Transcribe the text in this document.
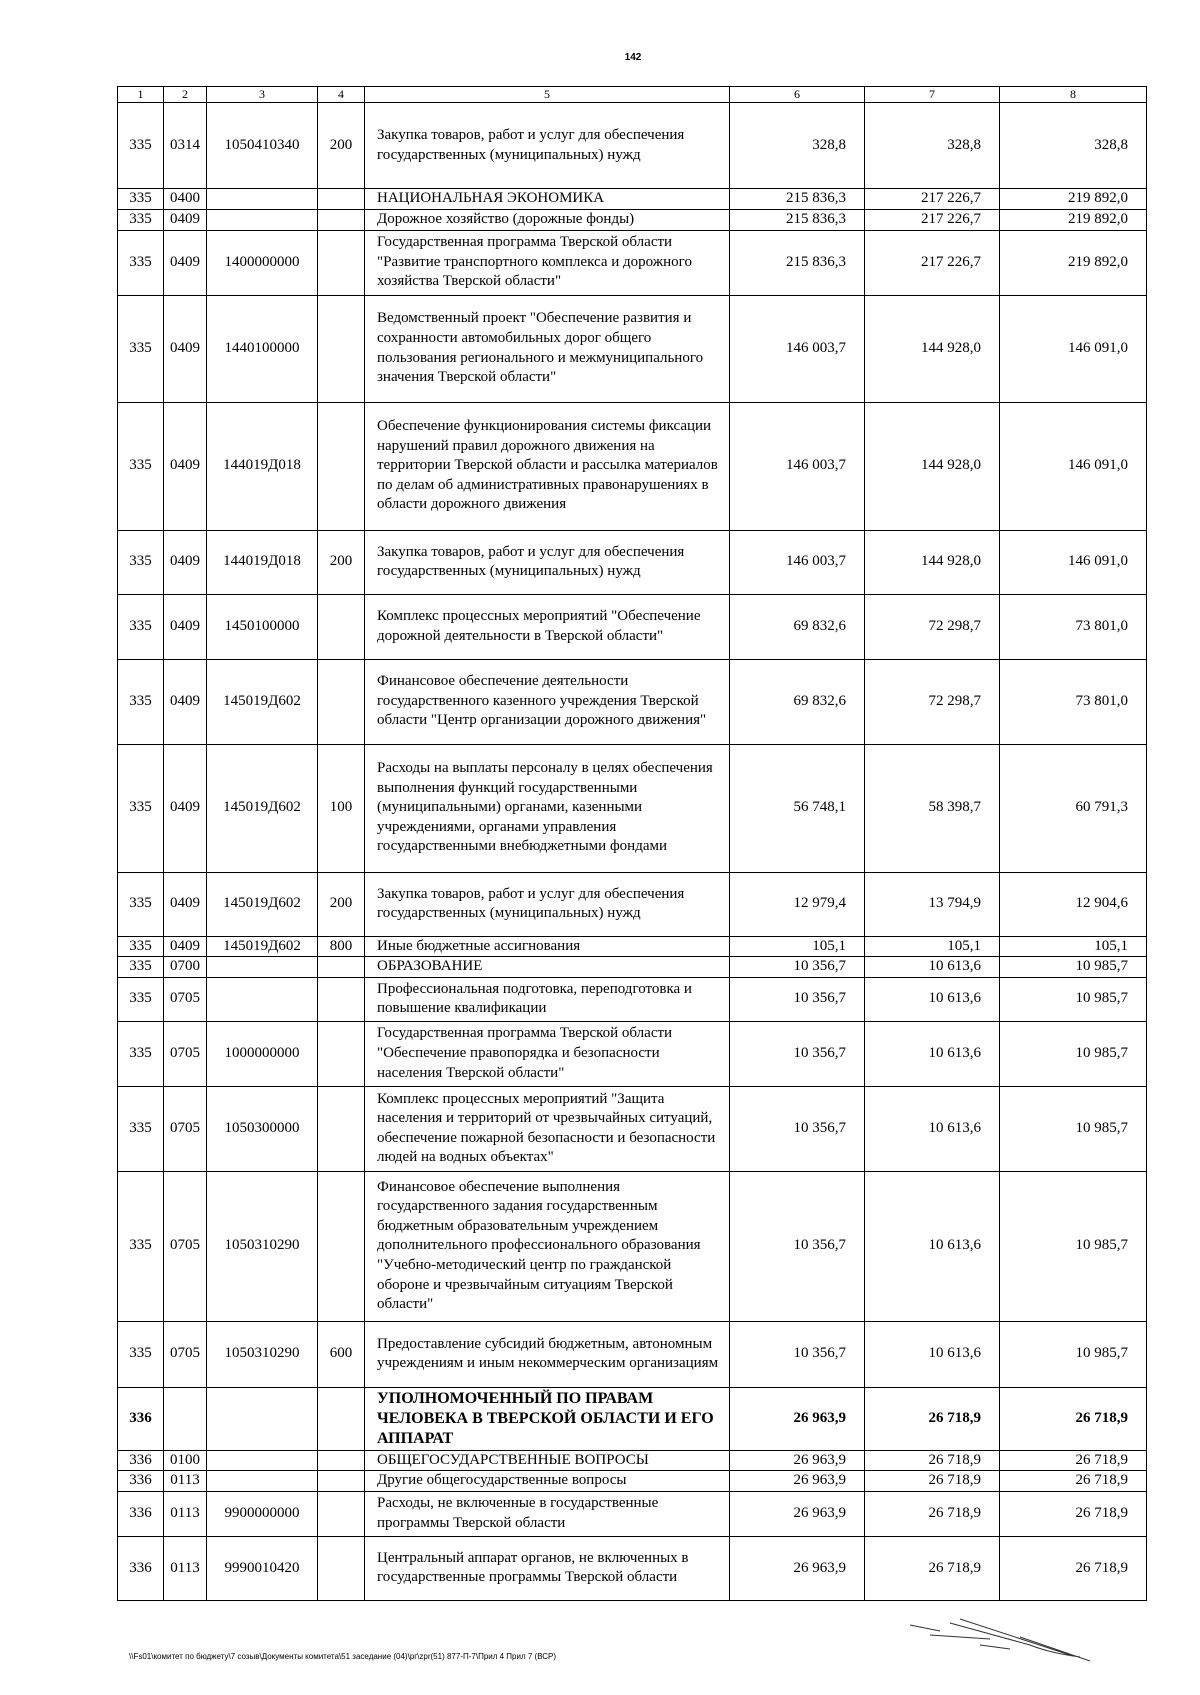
142
1	2	3	4	5	6	7	8
335	0314	1050410340	200	Закупка товаров, работ и услуг для обеспечения государственных (муниципальных) нужд	328,8	328,8	328,8
335	0400			НАЦИОНАЛЬНАЯ ЭКОНОМИКА	215 836,3	217 226,7	219 892,0
335	0409			Дорожное хозяйство (дорожные фонды)	215 836,3	217 226,7	219 892,0
335	0409	1400000000		Государственная программа Тверской области "Развитие транспортного комплекса и дорожного хозяйства Тверской области"	215 836,3	217 226,7	219 892,0
335	0409	1440100000		Ведомственный проект "Обеспечение развития и сохранности автомобильных дорог общего пользования регионального и межмуниципального значения Тверской области"	146 003,7	144 928,0	146 091,0
335	0409	144019Д018		Обеспечение функционирования системы фиксации нарушений правил дорожного движения на территории Тверской области и рассылка материалов по делам об административных правонарушениях в области дорожного движения	146 003,7	144 928,0	146 091,0
335	0409	144019Д018	200	Закупка товаров, работ и услуг для обеспечения государственных (муниципальных) нужд	146 003,7	144 928,0	146 091,0
335	0409	1450100000		Комплекс процессных мероприятий "Обеспечение дорожной деятельности в Тверской области"	69 832,6	72 298,7	73 801,0
335	0409	145019Д602		Финансовое обеспечение деятельности государственного казенного учреждения Тверской области "Центр организации дорожного движения"	69 832,6	72 298,7	73 801,0
335	0409	145019Д602	100	Расходы на выплаты персоналу в целях обеспечения выполнения функций государственными (муниципальными) органами, казенными учреждениями, органами управления государственными внебюджетными фондами	56 748,1	58 398,7	60 791,3
335	0409	145019Д602	200	Закупка товаров, работ и услуг для обеспечения государственных (муниципальных) нужд	12 979,4	13 794,9	12 904,6
335	0409	145019Д602	800	Иные бюджетные ассигнования	105,1	105,1	105,1
335	0700			ОБРАЗОВАНИЕ	10 356,7	10 613,6	10 985,7
335	0705			Профессиональная подготовка, переподготовка и повышение квалификации	10 356,7	10 613,6	10 985,7
335	0705	1000000000		Государственная программа Тверской области "Обеспечение правопорядка и безопасности населения Тверской области"	10 356,7	10 613,6	10 985,7
335	0705	1050300000		Комплекс процессных мероприятий "Защита населения и территорий от чрезвычайных ситуаций, обеспечение пожарной безопасности и безопасности людей на водных объектах"	10 356,7	10 613,6	10 985,7
335	0705	1050310290		Финансовое обеспечение выполнения государственного задания государственным бюджетным образовательным учреждением дополнительного профессионального образования "Учебно-методический центр по гражданской обороне и чрезвычайным ситуациям Тверской области"	10 356,7	10 613,6	10 985,7
335	0705	1050310290	600	Предоставление субсидий бюджетным, автономным учреждениям и иным некоммерческим организациям	10 356,7	10 613,6	10 985,7
336				УПОЛНОМОЧЕННЫЙ ПО ПРАВАМ ЧЕЛОВЕКА В ТВЕРСКОЙ ОБЛАСТИ И ЕГО АППАРАТ	26 963,9	26 718,9	26 718,9
336	0100			ОБЩЕГОСУДАРСТВЕННЫЕ ВОПРОСЫ	26 963,9	26 718,9	26 718,9
336	0113			Другие общегосударственные вопросы	26 963,9	26 718,9	26 718,9
336	0113	9900000000		Расходы, не включенные в государственные программы Тверской области	26 963,9	26 718,9	26 718,9
336	0113	9990010420		Центральный аппарат органов, не включенных в государственные программы Тверской области	26 963,9	26 718,9	26 718,9
\\Fs01\комитет по бюджету\7 созыв\Документы комитета\51 заседание (04)\рг\zpr(51) 877-П-7\Прил 4 Прил 7 (ВСР)
